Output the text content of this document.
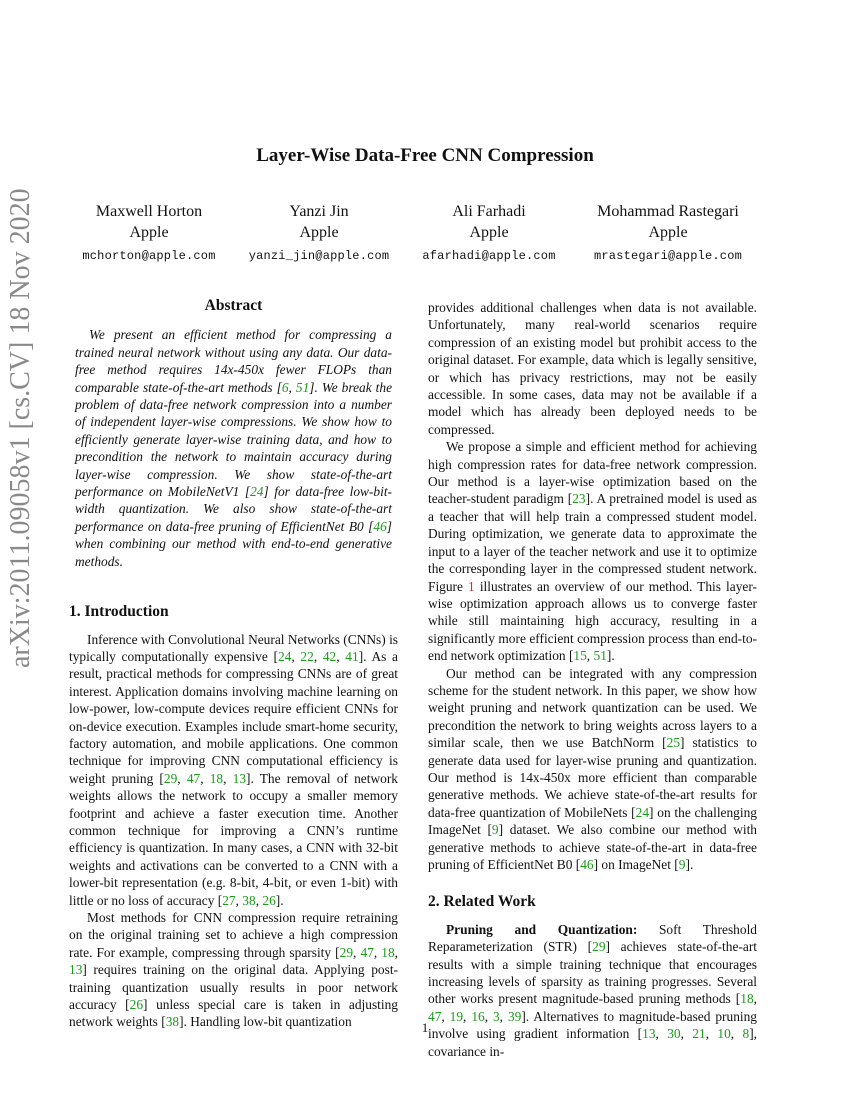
Layer-Wise Data-Free CNN Compression
Maxwell Horton
Apple
mchorton@apple.com
Yanzi Jin
Apple
yanzi_jin@apple.com
Ali Farhadi
Apple
afarhadi@apple.com
Mohammad Rastegari
Apple
mrastegari@apple.com
arXiv:2011.09058v1 [cs.CV] 18 Nov 2020	Abstract

We present an efficient method for compressing a trained neural network without using any data. Our data-free method requires 14x-450x fewer FLOPs than comparable state-of-the-art methods [6, 51]. We break the problem of data-free network compression into a number of independent layer-wise compressions. We show how to efficiently generate layer-wise training data, and how to precondition the network to maintain accuracy during layer-wise compression. We show state-of-the-art performance on MobileNetV1 [24] for data-free low-bit-width quantization. We also show state-of-the-art performance on data-free pruning of EfficientNet B0 [46] when combining our method with end-to-end generative methods.

1. Introduction

Inference with Convolutional Neural Networks (CNNs) is typically computationally expensive [24, 22, 42, 41]. As a result, practical methods for compressing CNNs are of great interest. Application domains involving machine learning on low-power, low-compute devices require efficient CNNs for on-device execution. Examples include smart-home security, factory automation, and mobile applications. One common technique for improving CNN computational efficiency is weight pruning [29, 47, 18, 13]. The removal of network weights allows the network to occupy a smaller memory footprint and achieve a faster execution time. Another common technique for improving a CNN’s runtime efficiency is quantization. In many cases, a CNN with 32-bit weights and activations can be converted to a CNN with a lower-bit representation (e.g. 8-bit, 4-bit, or even 1-bit) with little or no loss of accuracy [27, 38, 26].

Most methods for CNN compression require retraining on the original training set to achieve a high compression rate. For example, compressing through sparsity [29, 47, 18, 13] requires training on the original data. Applying post-training quantization usually results in poor network accuracy [26] unless special care is taken in adjusting network weights [38]. Handling low-bit quantization

provides additional challenges when data is not available. Unfortunately, many real-world scenarios require compression of an existing model but prohibit access to the original dataset. For example, data which is legally sensitive, or which has privacy restrictions, may not be easily accessible. In some cases, data may not be available if a model which has already been deployed needs to be compressed.

We propose a simple and efficient method for achieving high compression rates for data-free network compression. Our method is a layer-wise optimization based on the teacher-student paradigm [23]. A pretrained model is used as a teacher that will help train a compressed student model. During optimization, we generate data to approximate the input to a layer of the teacher network and use it to optimize the corresponding layer in the compressed student network. Figure 1 illustrates an overview of our method. This layer-wise optimization approach allows us to converge faster while still maintaining high accuracy, resulting in a significantly more efficient compression process than end-to-end network optimization [15, 51].

Our method can be integrated with any compression scheme for the student network. In this paper, we show how weight pruning and network quantization can be used. We precondition the network to bring weights across layers to a similar scale, then we use BatchNorm [25] statistics to generate data used for layer-wise pruning and quantization. Our method is 14x-450x more efficient than comparable generative methods. We achieve state-of-the-art results for data-free quantization of MobileNets [24] on the challenging ImageNet [9] dataset. We also combine our method with generative methods to achieve state-of-the-art in data-free pruning of EfficientNet B0 [46] on ImageNet [9].

2. Related Work

Pruning and Quantization: Soft Threshold Reparameterization (STR) [29] achieves state-of-the-art results with a simple training technique that encourages increasing levels of sparsity as training progresses. Several other works present magnitude-based pruning methods [18, 47, 19, 16, 3, 39]. Alternatives to magnitude-based pruning involve using gradient information [13, 30, 21, 10, 8], covariance in-

1
